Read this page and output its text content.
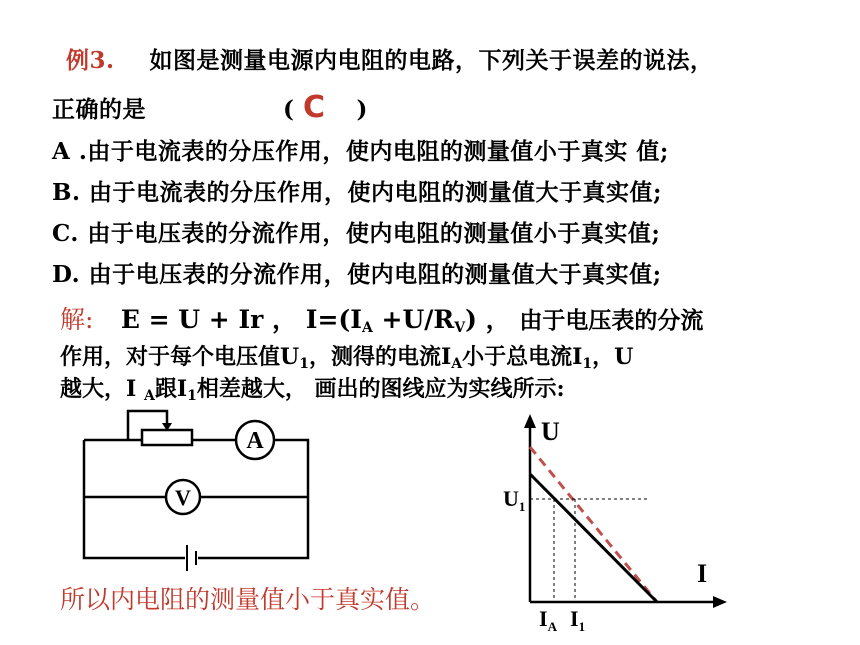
例3. 如图是测量电源内电阻的电路，下列关于误差的说法，
正确的是	( C )
A .由于电流表的分压作用，使内电阻的测量值小于真实 值;
B. 由于电流表的分压作用，使内电阻的测量值大于真实值;
C. 由于电压表的分流作用，使内电阻的测量值小于真实值;
D. 由于电压表的分流作用，使内电阻的测量值大于真实值;
解: E = U + Ir ， $I=(I_A +U/R_V)$ ， 由于电压表的分流
作用，对于每个电压值$U_1$，测得的电流$I_A$小于总电流$I_1$，U
越大，I $_A$跟$I_1$相差越大， 画出的图线应为实线所示:
A
V
所以内电阻的测量值小于真实值。
U
I
$U_1$
$I_A$ $I_1$
